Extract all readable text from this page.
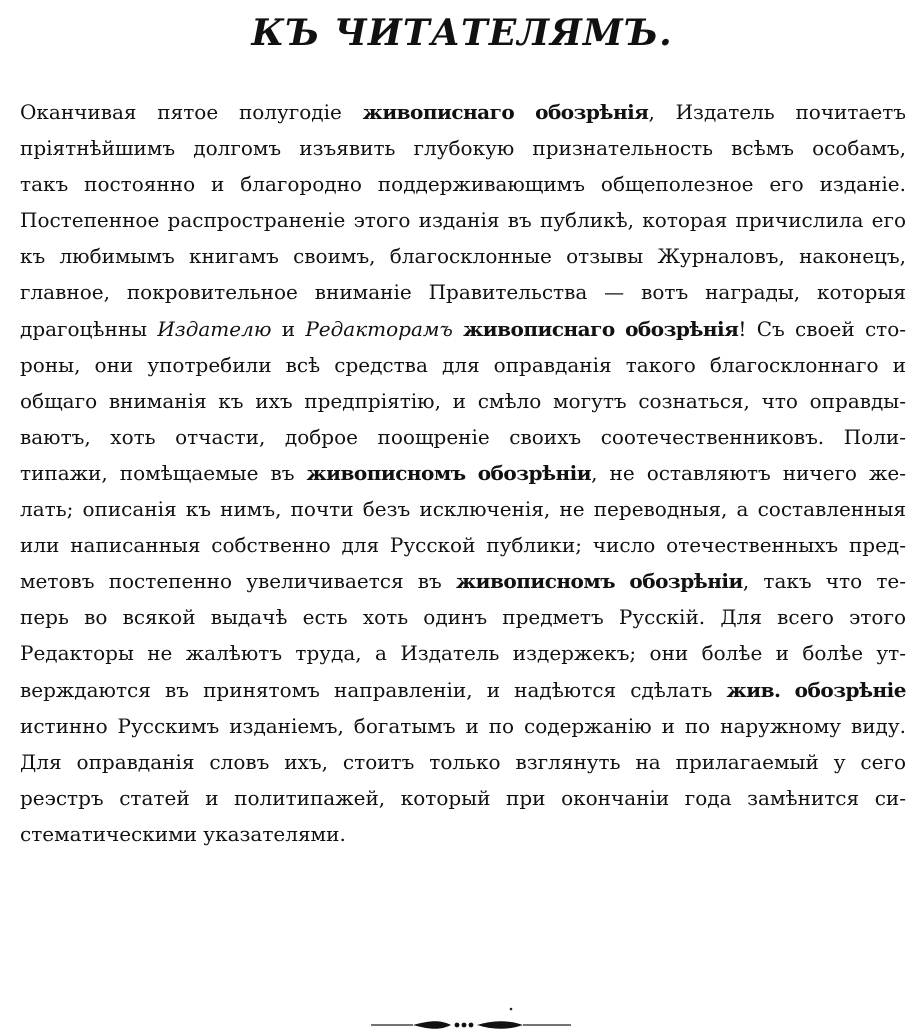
КЪ ЧИТАТЕЛЯМЪ.
Оканчивая пятое полугодіе живописнаго обозрѣнія, Издатель почитаетъ
пріятнѣйшимъ долгомъ изъявить глубокую признательность всѣмъ особамъ,
такъ постоянно и благородно поддерживающимъ общеполезное его изданіе.
Постепенное распространеніе этого изданія въ публикѣ, которая причислила его
къ любимымъ книгамъ своимъ, благосклонные отзывы Журналовъ, наконецъ,
главное, покровительное вниманіе Правительства — вотъ награды, которыя
драгоцѣнны Издателю и Редакторамъ живописнаго обозрѣнія! Съ своей сто-
роны, они употребили всѣ средства для оправданія такого благосклоннаго и
общаго вниманія къ ихъ предпріятію, и смѣло могутъ сознаться, что оправды-
ваютъ, хоть отчасти, доброе поощреніе своихъ соотечественниковъ. Поли-
типажи, помѣщаемые въ живописномъ обозрѣніи, не оставляютъ ничего же-
лать; описанія къ нимъ, почти безъ исключенія, не переводныя, а составленныя
или написанныя собственно для Русской публики; число отечественныхъ пред-
метовъ постепенно увеличивается въ живописномъ обозрѣніи, такъ что те-
перь во всякой выдачѣ есть хоть одинъ предметъ Русскій. Для всего этого
Редакторы не жалѣютъ труда, а Издатель издержекъ; они болѣе и болѣе ут-
верждаются въ принятомъ направленіи, и надѣются сдѣлать жив. обозрѣніе
истинно Русскимъ изданіемъ, богатымъ и по содержанію и по наружному виду.
Для оправданія словъ ихъ, стоитъ только взглянуть на прилагаемый у сего
реэстръ статей и политипажей, который при окончаніи года замѣнится си-
стематическими указателями.
